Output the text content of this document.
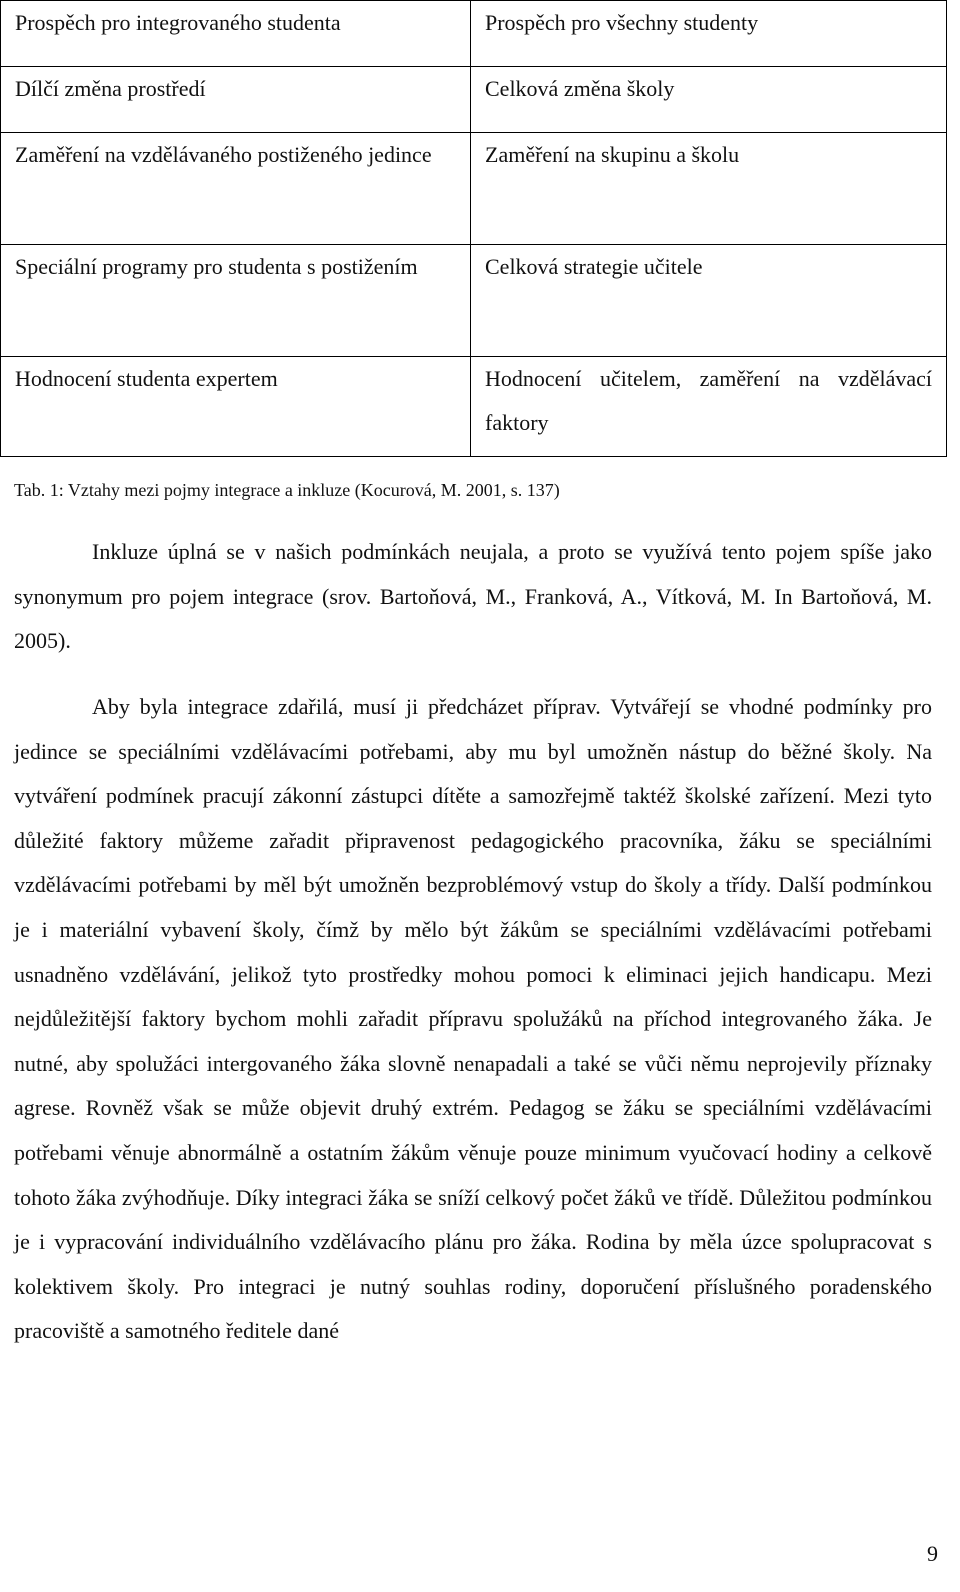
Prospěch pro integrovaného studenta	Prospěch pro všechny studenty
Dílčí změna prostředí	Celková změna školy
Zaměření na vzdělávaného postiženého jedince	Zaměření na skupinu a školu
Speciální programy pro studenta s postižením	Celková strategie učitele
Hodnocení studenta expertem	Hodnocení učitelem, zaměření na vzdělávací faktory
Tab. 1: Vztahy mezi pojmy integrace a inkluze (Kocurová, M. 2001, s. 137)

Inkluze úplná se v našich podmínkách neujala, a proto se využívá tento pojem spíše jako synonymum pro pojem integrace (srov. Bartoňová, M., Franková, A., Vítková, M. In Bartoňová, M. 2005).

Aby byla integrace zdařilá, musí ji předcházet příprav. Vytvářejí se vhodné podmínky pro jedince se speciálními vzdělávacími potřebami, aby mu byl umožněn nástup do běžné školy. Na vytváření podmínek pracují zákonní zástupci dítěte a samozřejmě taktéž školské zařízení. Mezi tyto důležité faktory můžeme zařadit připravenost pedagogického pracovníka, žáku se speciálními vzdělávacími potřebami by měl být umožněn bezproblémový vstup do školy a třídy. Další podmínkou je i materiální vybavení školy, čímž by mělo být žákům se speciálními vzdělávacími potřebami usnadněno vzdělávání, jelikož tyto prostředky mohou pomoci k eliminaci jejich handicapu. Mezi nejdůležitější faktory bychom mohli zařadit přípravu spolužáků na příchod integrovaného žáka. Je nutné, aby spolužáci intergovaného žáka slovně nenapadali a také se vůči němu neprojevily příznaky agrese. Rovněž však se může objevit druhý extrém. Pedagog se žáku se speciálními vzdělávacími potřebami věnuje abnormálně a ostatním žákům věnuje pouze minimum vyučovací hodiny a celkově tohoto žáka zvýhodňuje. Díky integraci žáka se sníží celkový počet žáků ve třídě. Důležitou podmínkou je i vypracování individuálního vzdělávacího plánu pro žáka. Rodina by měla úzce spolupracovat s kolektivem školy. Pro integraci je nutný souhlas rodiny, doporučení příslušného poradenského pracoviště a samotného ředitele dané

9
